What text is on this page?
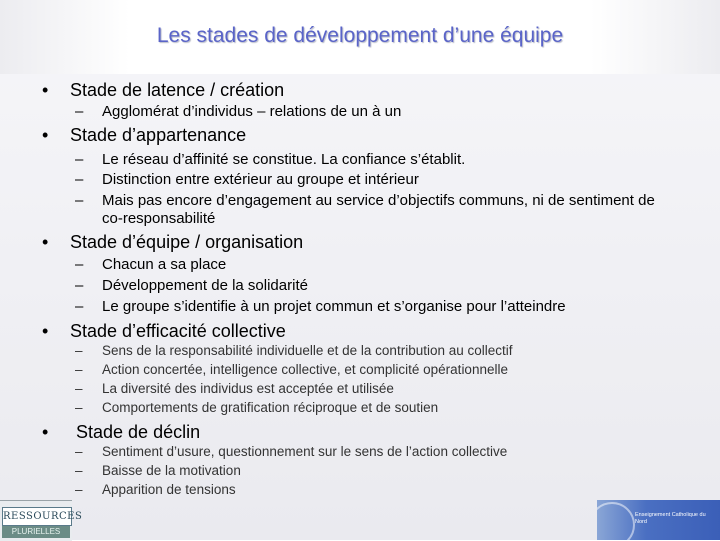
Les stades de développement d’une équipe
• Stade de latence / création
– Agglomérat d’individus – relations de un à un
• Stade d’appartenance
– Le réseau d’affinité se constitue. La confiance s’établit.
– Distinction entre extérieur au groupe et intérieur
– Mais pas encore d’engagement au service d’objectifs communs, ni de sentiment de co-responsabilité
• Stade d’équipe / organisation
– Chacun a sa place
– Développement de la solidarité
– Le groupe s’identifie à un projet commun et s’organise pour l’atteindre
• Stade d’efficacité collective
– Sens de la responsabilité individuelle et de la contribution au collectif
– Action concertée, intelligence collective, et complicité opérationnelle
– La diversité des individus est acceptée et utilisée
– Comportements de gratification réciproque et de soutien
• Stade de déclin
– Sentiment d’usure, questionnement sur le sens de l’action collective
– Baisse de la motivation
– Apparition de tensions
RESSOURCES
PLURIELLES
Enseignement Catholique du Nord
